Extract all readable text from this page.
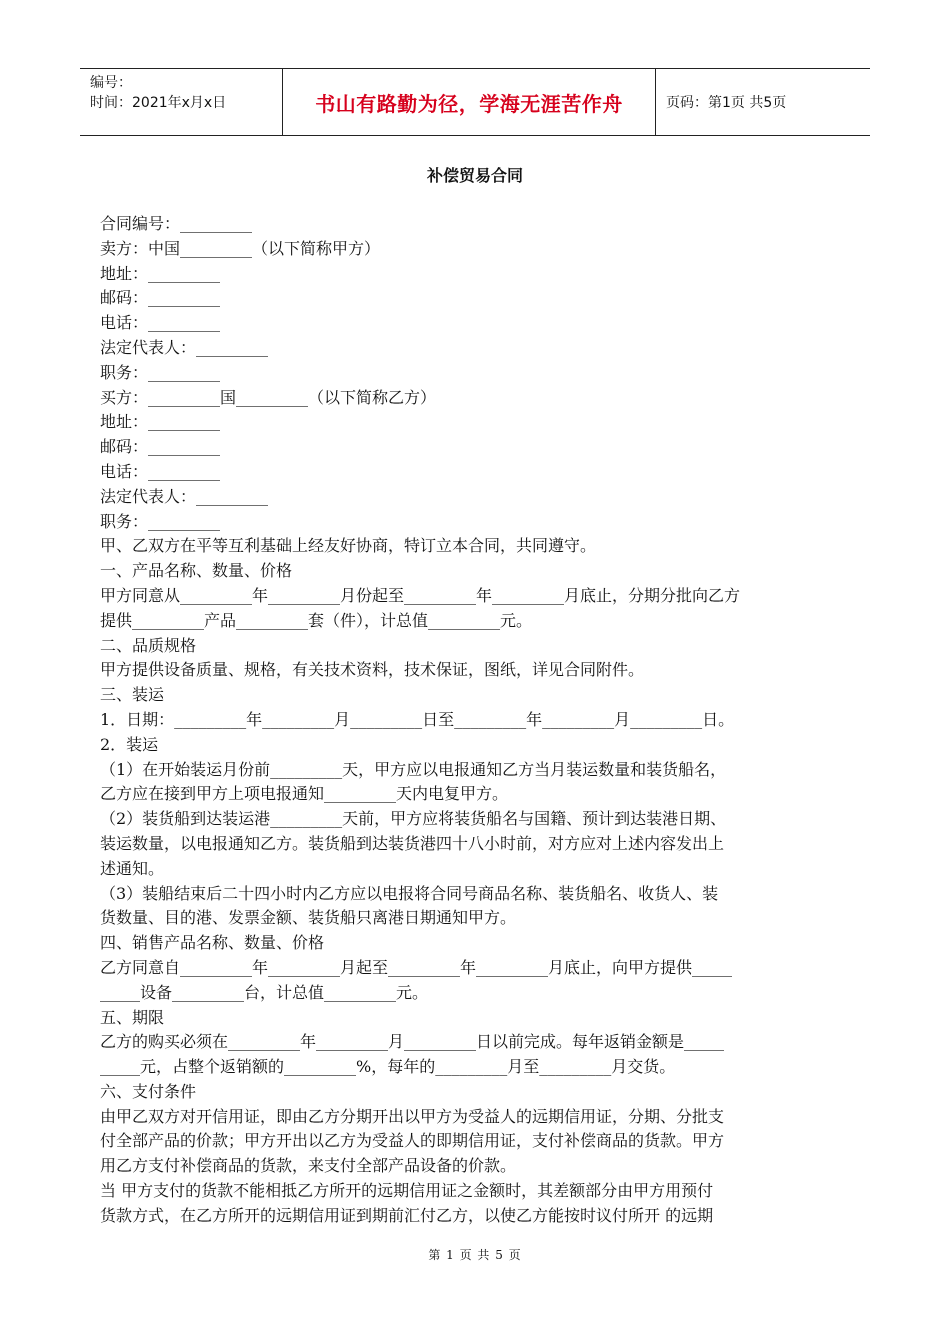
编号：
时间：2021年x月x日	书山有路勤为径，学海无涯苦作舟	页码：第1页 共5页
补偿贸易合同
合同编号：_________
卖方：中国_________（以下简称甲方）
地址：_________
邮码：_________
电话：_________
法定代表人：_________
职务：_________
买方：_________国_________（以下简称乙方）
地址：_________
邮码：_________
电话：_________
法定代表人：_________
职务：_________
甲、乙双方在平等互利基础上经友好协商，特订立本合同，共同遵守。
一、产品名称、数量、价格
甲方同意从_________年_________月份起至_________年_________月底止，分期分批向乙方
提供_________产品_________套（件），计总值_________元。
二、品质规格
甲方提供设备质量、规格，有关技术资料，技术保证，图纸，详见合同附件。
三、装运
1．日期：_________年_________月_________日至_________年_________月_________日。
2．装运
（1）在开始装运月份前_________天，甲方应以电报通知乙方当月装运数量和装货船名，
乙方应在接到甲方上项电报通知_________天内电复甲方。
（2）装货船到达装运港_________天前，甲方应将装货船名与国籍、预计到达装港日期、
装运数量，以电报通知乙方。装货船到达装货港四十八小时前，对方应对上述内容发出上
述通知。
（3）装船结束后二十四小时内乙方应以电报将合同号商品名称、装货船名、收货人、装
货数量、目的港、发票金额、装货船只离港日期通知甲方。
四、销售产品名称、数量、价格
乙方同意自_________年_________月起至_________年_________月底止，向甲方提供_____
_____设备_________台，计总值_________元。
五、期限
乙方的购买必须在_________年_________月_________日以前完成。每年返销金额是_____
_____元，占整个返销额的_________%，每年的_________月至_________月交货。
六、支付条件
由甲乙双方对开信用证，即由乙方分期开出以甲方为受益人的远期信用证，分期、分批支
付全部产品的价款；甲方开出以乙方为受益人的即期信用证，支付补偿商品的货款。甲方
用乙方支付补偿商品的货款，来支付全部产品设备的价款。
当 甲方支付的货款不能相抵乙方所开的远期信用证之金额时，其差额部分由甲方用预付
货款方式，在乙方所开的远期信用证到期前汇付乙方，以使乙方能按时议付所开 的远期
第 1 页 共 5 页
